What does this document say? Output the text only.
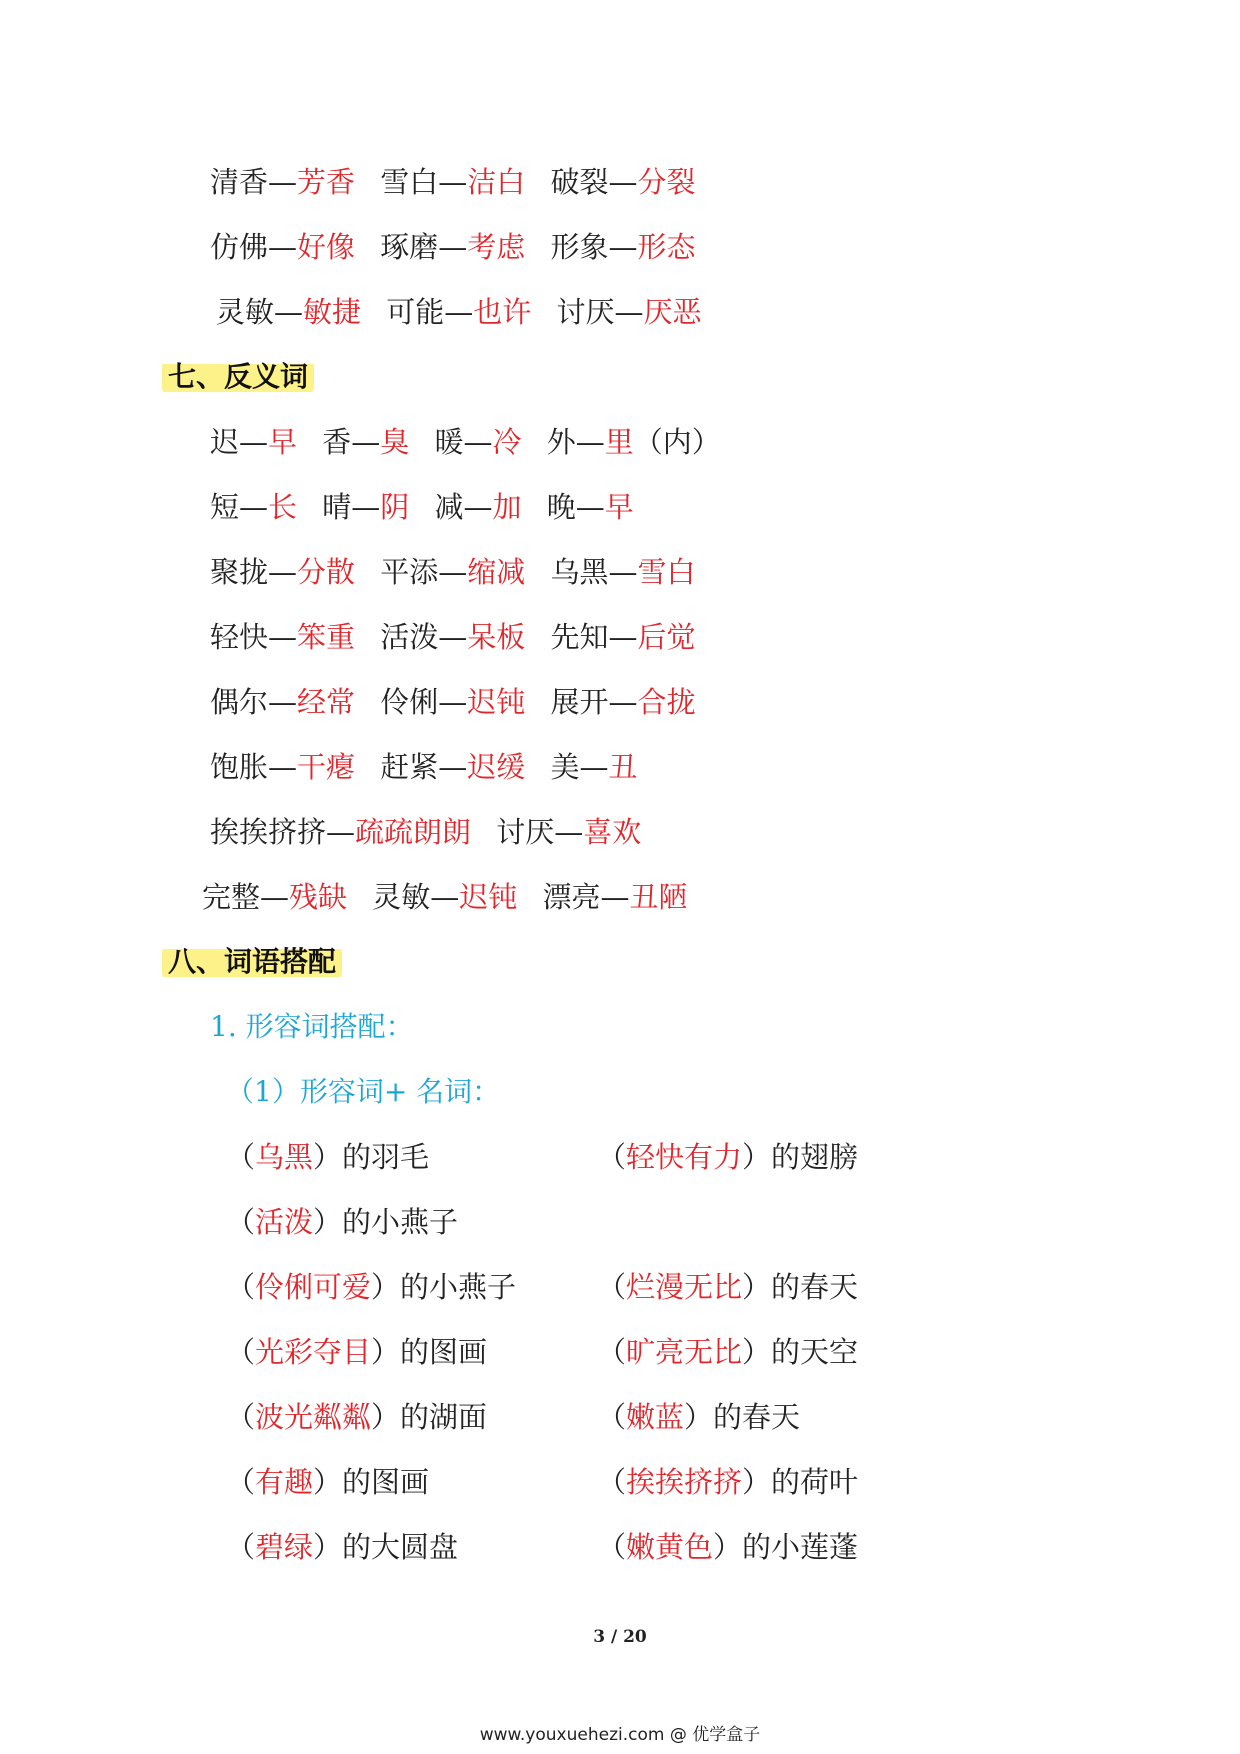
清香—芳香 雪白—洁白 破裂—分裂
仿佛—好像 琢磨—考虑 形象—形态
灵敏—敏捷 可能—也许 讨厌—厌恶
七、反义词
迟—早 香—臭 暖—冷 外—里（内）
短—长 晴—阴 减—加 晚—早
聚拢—分散 平添—缩减 乌黑—雪白
轻快—笨重 活泼—呆板 先知—后觉
偶尔—经常 伶俐—迟钝 展开—合拢
饱胀—干瘪 赶紧—迟缓 美—丑
挨挨挤挤—疏疏朗朗 讨厌—喜欢
完整—残缺 灵敏—迟钝 漂亮—丑陋
八、词语搭配
1. 形容词搭配：
（1）形容词+ 名词：
（乌黑）的羽毛	（轻快有力）的翅膀
（活泼）的小燕子
（伶俐可爱）的小燕子	（烂漫无比）的春天
（光彩夺目）的图画	（旷亮无比）的天空
（波光粼粼）的湖面	（嫩蓝）的春天
（有趣）的图画	（挨挨挤挤）的荷叶
（碧绿）的大圆盘	（嫩黄色）的小莲蓬
3 / 20
www.youxuehezi.com @ 优学盒子
